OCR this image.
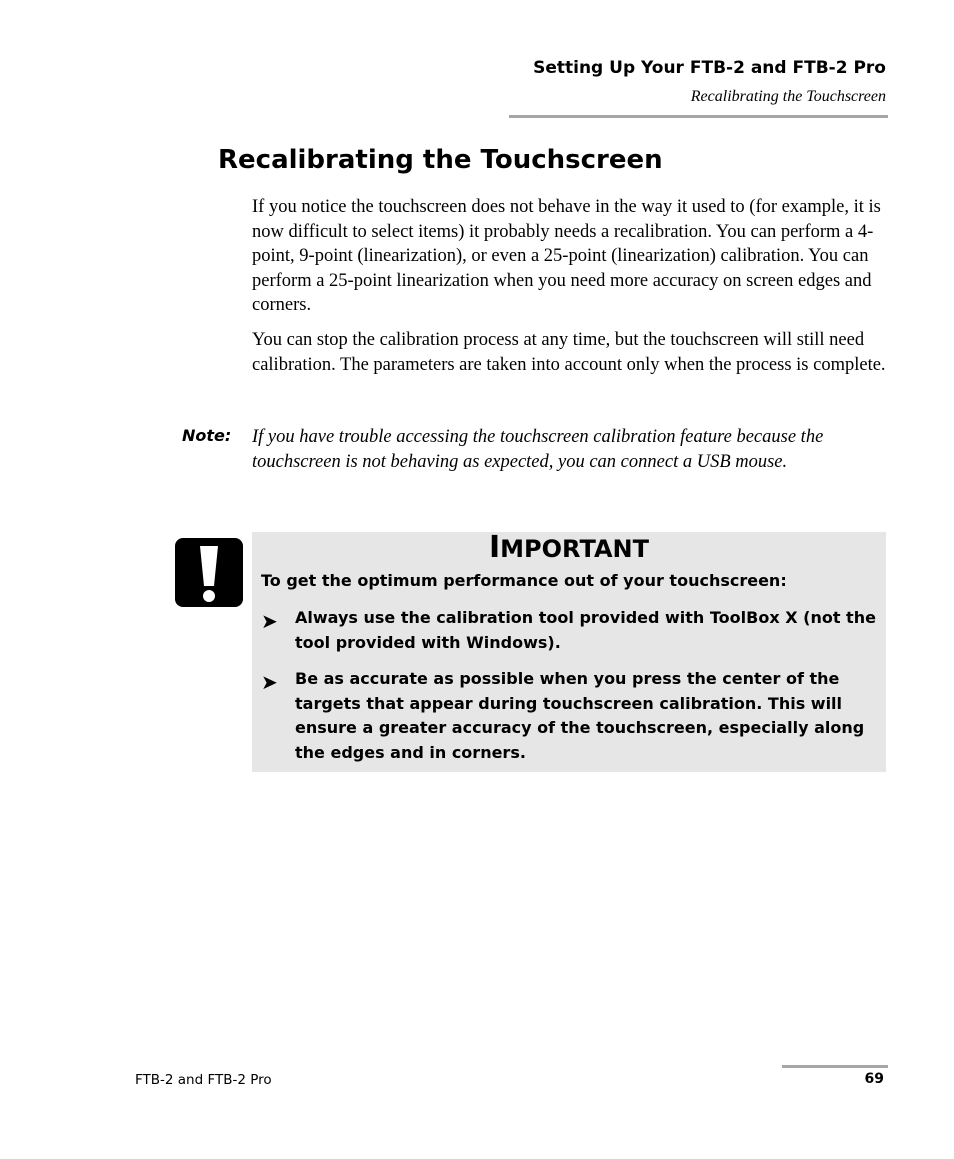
Setting Up Your FTB-2 and FTB-2 Pro
Recalibrating the Touchscreen
Recalibrating the Touchscreen

If you notice the touchscreen does not behave in the way it used to (for example, it is now difficult to select items) it probably needs a recalibration. You can perform a 4-point, 9-point (linearization), or even a 25-point (linearization) calibration. You can perform a 25-point linearization when you need more accuracy on screen edges and corners.

You can stop the calibration process at any time, but the touchscreen will still need calibration. The parameters are taken into account only when the process is complete.

Note: If you have trouble accessing the touchscreen calibration feature because the touchscreen is not behaving as expected, you can connect a USB mouse.

IMPORTANT
To get the optimum performance out of your touchscreen:
➤	Always use the calibration tool provided with ToolBox X (not the tool provided with Windows).
➤	Be as accurate as possible when you press the center of the targets that appear during touchscreen calibration. This will ensure a greater accuracy of the touchscreen, especially along the edges and in corners.
FTB-2 and FTB-2 Pro	69
